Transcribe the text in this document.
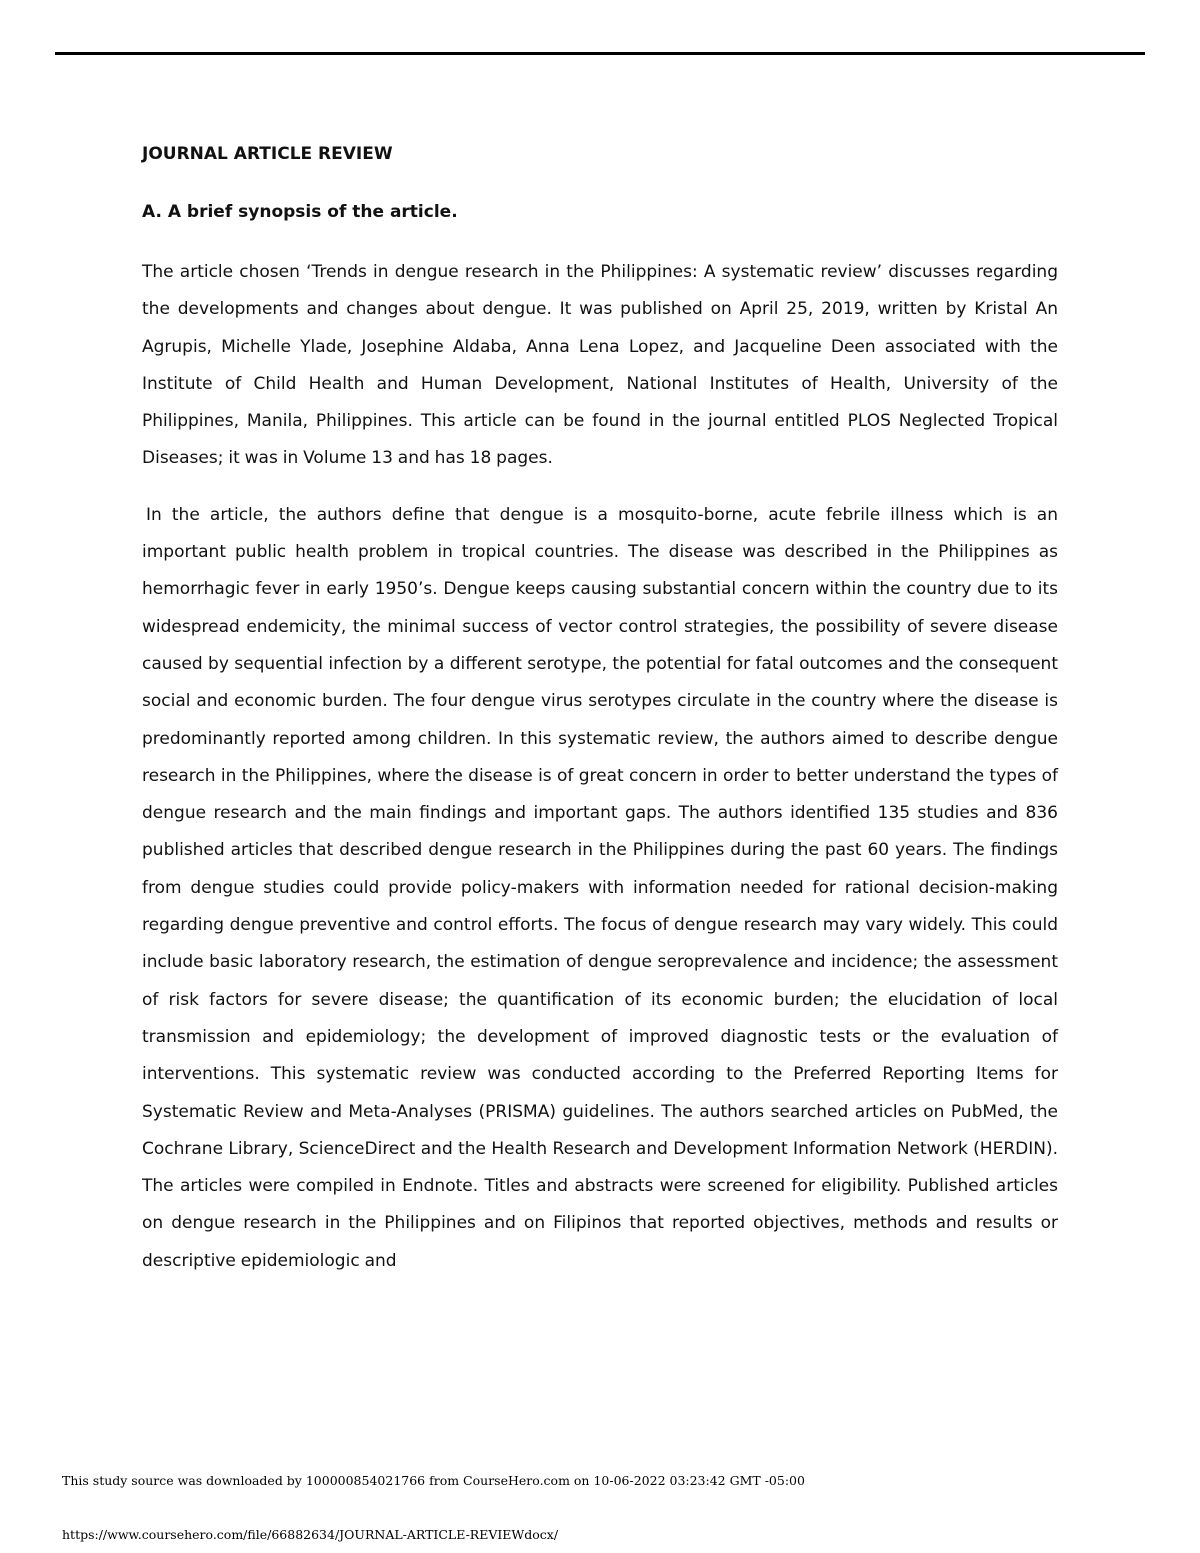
JOURNAL ARTICLE REVIEW
A. A brief synopsis of the article.

The article chosen ‘Trends in dengue research in the Philippines: A systematic review’ discusses regarding the developments and changes about dengue. It was published on April 25, 2019, written by Kristal An Agrupis, Michelle Ylade, Josephine Aldaba, Anna Lena Lopez, and Jacqueline Deen associated with the Institute of Child Health and Human Development, National Institutes of Health, University of the Philippines, Manila, Philippines. This article can be found in the journal entitled PLOS Neglected Tropical Diseases; it was in Volume 13 and has 18 pages.

In the article, the authors define that dengue is a mosquito-borne, acute febrile illness which is an important public health problem in tropical countries. The disease was described in the Philippines as hemorrhagic fever in early 1950’s. Dengue keeps causing substantial concern within the country due to its widespread endemicity, the minimal success of vector control strategies, the possibility of severe disease caused by sequential infection by a different serotype, the potential for fatal outcomes and the consequent social and economic burden. The four dengue virus serotypes circulate in the country where the disease is predominantly reported among children. In this systematic review, the authors aimed to describe dengue research in the Philippines, where the disease is of great concern in order to better understand the types of dengue research and the main findings and important gaps. The authors identified 135 studies and 836 published articles that described dengue research in the Philippines during the past 60 years. The findings from dengue studies could provide policy-makers with information needed for rational decision-making regarding dengue preventive and control efforts. The focus of dengue research may vary widely. This could include basic laboratory research, the estimation of dengue seroprevalence and incidence; the assessment of risk factors for severe disease; the quantification of its economic burden; the elucidation of local transmission and epidemiology; the development of improved diagnostic tests or the evaluation of interventions. This systematic review was conducted according to the Preferred Reporting Items for Systematic Review and Meta-Analyses (PRISMA) guidelines. The authors searched articles on PubMed, the Cochrane Library, ScienceDirect and the Health Research and Development Information Network (HERDIN). The articles were compiled in Endnote. Titles and abstracts were screened for eligibility. Published articles on dengue research in the Philippines and on Filipinos that reported objectives, methods and results or descriptive epidemiologic and

This study source was downloaded by 100000854021766 from CourseHero.com on 10-06-2022 03:23:42 GMT -05:00
https://www.coursehero.com/file/66882634/JOURNAL-ARTICLE-REVIEWdocx/
